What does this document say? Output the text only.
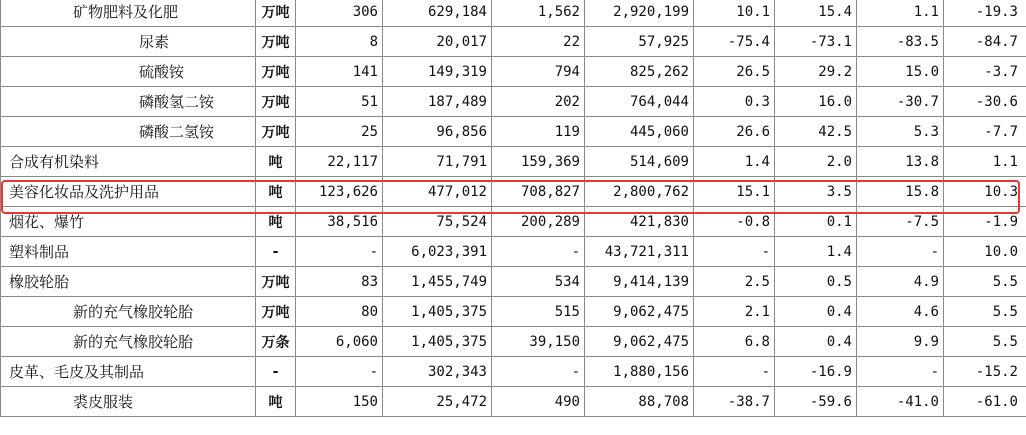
矿物肥料及化肥	万吨	306	629,184	1,562	2,920,199	10.1	15.4	1.1	-19.3
尿素	万吨	8	20,017	22	57,925	-75.4	-73.1	-83.5	-84.7
硫酸铵	万吨	141	149,319	794	825,262	26.5	29.2	15.0	-3.7
磷酸氢二铵	万吨	51	187,489	202	764,044	0.3	16.0	-30.7	-30.6
磷酸二氢铵	万吨	25	96,856	119	445,060	26.6	42.5	5.3	-7.7
合成有机染料	吨	22,117	71,791	159,369	514,609	1.4	2.0	13.8	1.1
美容化妆品及洗护用品	吨	123,626	477,012	708,827	2,800,762	15.1	3.5	15.8	10.3
烟花、爆竹	吨	38,516	75,524	200,289	421,830	-0.8	0.1	-7.5	-1.9
塑料制品	-	-	6,023,391	-	43,721,311	-	1.4	-	10.0
橡胶轮胎	万吨	83	1,455,749	534	9,414,139	2.5	0.5	4.9	5.5
新的充气橡胶轮胎	万吨	80	1,405,375	515	9,062,475	2.1	0.4	4.6	5.5
新的充气橡胶轮胎	万条	6,060	1,405,375	39,150	9,062,475	6.8	0.4	9.9	5.5
皮革、毛皮及其制品	-	-	302,343	-	1,880,156	-	-16.9	-	-15.2
裘皮服装	吨	150	25,472	490	88,708	-38.7	-59.6	-41.0	-61.0
